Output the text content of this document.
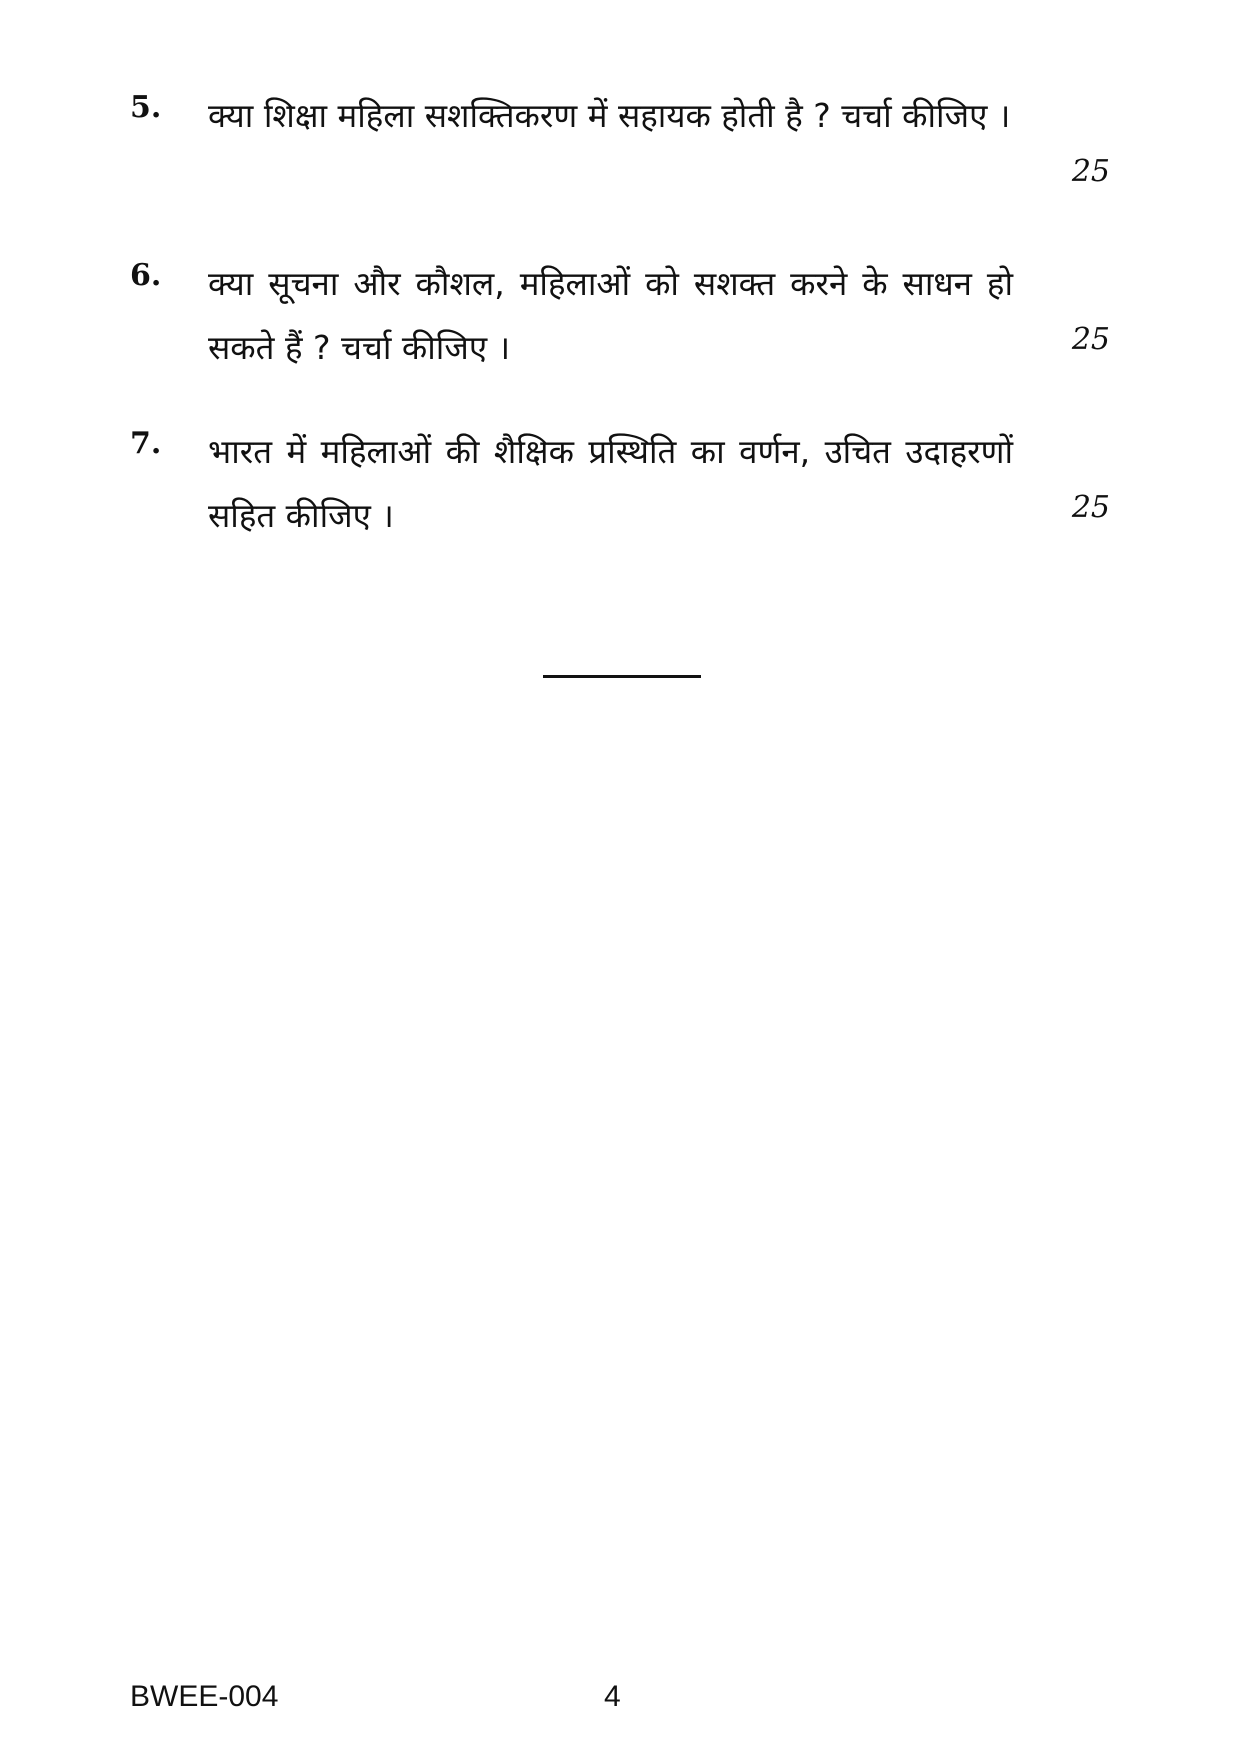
5. क्या शिक्षा महिला सशक्तिकरण में सहायक होती है ? चर्चा कीजिए ।
25
6. क्या सूचना और कौशल, महिलाओं को सशक्त करने के साधन हो सकते हैं ? चर्चा कीजिए ।	25
7. भारत में महिलाओं की शैक्षिक प्रस्थिति का वर्णन, उचित उदाहरणों सहित कीजिए ।	25
BWEE-004	4
